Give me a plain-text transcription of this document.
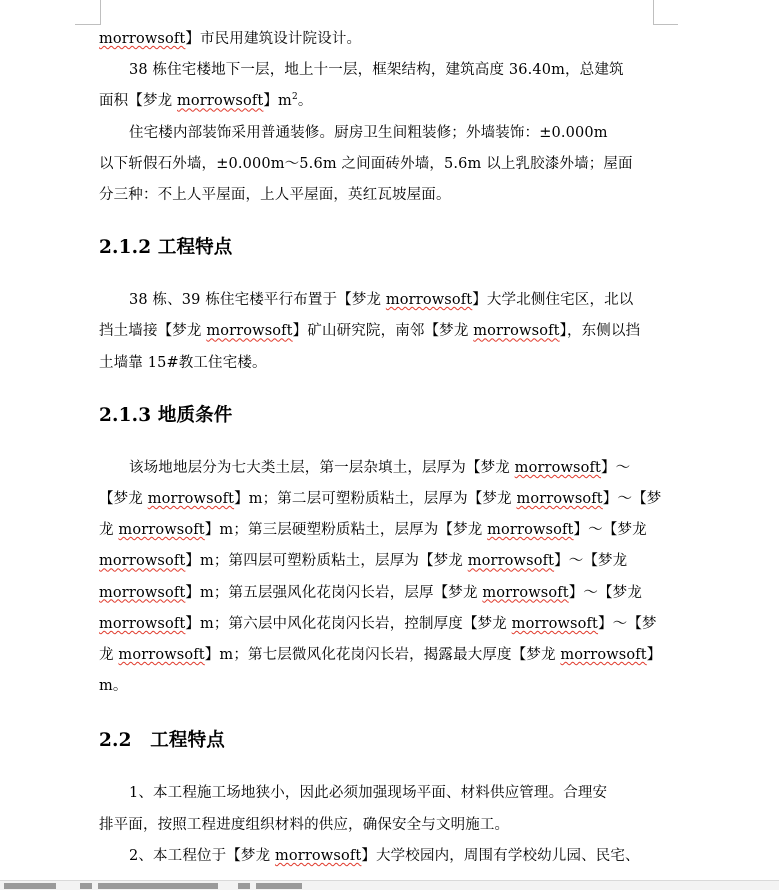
morrowsoft】市民用建筑设计院设计。

38 栋住宅楼地下一层，地上十一层，框架结构，建筑高度 36.40m，总建筑

面积【梦龙 morrowsoft】$m^2$。

住宅楼内部装饰采用普通装修。厨房卫生间粗装修；外墙装饰：±0.000m

以下斩假石外墙，±0.000m～5.6m 之间面砖外墙，5.6m 以上乳胶漆外墙；屋面

分三种：不上人平屋面，上人平屋面，英红瓦坡屋面。

2.1.2 工程特点

38 栋、39 栋住宅楼平行布置于【梦龙 morrowsoft】大学北侧住宅区，北以

挡土墙接【梦龙 morrowsoft】矿山研究院，南邻【梦龙 morrowsoft】，东侧以挡

土墙靠 15#教工住宅楼。

2.1.3 地质条件

该场地地层分为七大类土层，第一层杂填土，层厚为【梦龙 morrowsoft】～

【梦龙 morrowsoft】m；第二层可塑粉质粘土，层厚为【梦龙 morrowsoft】～【梦

龙 morrowsoft】m；第三层硬塑粉质粘土，层厚为【梦龙 morrowsoft】～【梦龙

morrowsoft】m；第四层可塑粉质粘土，层厚为【梦龙 morrowsoft】～【梦龙

morrowsoft】m；第五层强风化花岗闪长岩，层厚【梦龙 morrowsoft】～【梦龙

morrowsoft】m；第六层中风化花岗闪长岩，控制厚度【梦龙 morrowsoft】～【梦

龙 morrowsoft】m；第七层微风化花岗闪长岩，揭露最大厚度【梦龙 morrowsoft】

m。

2.2　工程特点

1、本工程施工场地狭小，因此必须加强现场平面、材料供应管理。合理安

排平面，按照工程进度组织材料的供应，确保安全与文明施工。

2、本工程位于【梦龙 morrowsoft】大学校园内，周围有学校幼儿园、民宅、
